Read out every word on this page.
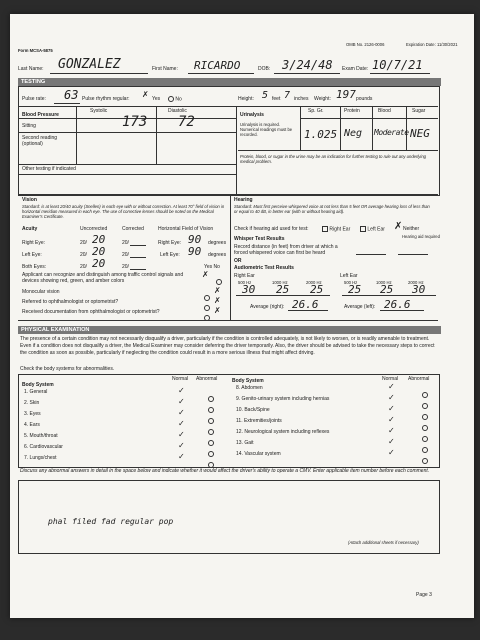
Form MCSA-5875
OMB No. 2126-0006	Expiration Date: 11/30/2021
Last Name: GONZALEZ	First Name: RICARDO	DOB: 3/24/48 Exam Date: 10/7/21
TESTING
Pulse rate: 63 Pulse rhythm regular: ✗ Yes	No	Height: 5 feet 7 inches Weight: 197 pounds
Blood Pressure
Systolic	Diastolic
Sitting	173 72
Second reading (optional)
Other testing if indicated
Urinalysis
Sp. Gr.	Protein	Blood	Sugar
Urinalysis is required. Numerical readings must be recorded.	1.025 Neg Moderate NEG
Protein, blood, or sugar in the urine may be an indication for further testing to rule out any underlying medical problem.
Vision
Standard: is at least 20/40 acuity (Snellen) in each eye with or without correction. At least 70° field of vision in horizontal meridian measured in each eye. The use of corrective lenses should be noted on the Medical Examiner's Certificate.
Acuity	Uncorrected	Corrected	Horizontal Field of Vision
Right Eye:	20/ 20	20/	Right Eye: 90 degrees
Left Eye:	20/ 20	20/	Left Eye: 90 degrees
Both Eyes:	20/ 20	20/	Yes No
Applicant can recognize and distinguish among traffic control signals and devices showing red, green, and amber colors
✗
Monocular vision	✗
Referred to ophthalmologist or optometrist?	✗
Received documentation from ophthalmologist or optometrist?	✗
Hearing
Standard: Must first perceive whispered voice at not less than 5 feet OR average hearing loss of less than or equal to 40 dB, in better ear (with or without hearing aid).
Check if hearing aid used for test:	Right Ear	Left Ear ✗ Neither
Hearing aid required
Whisper Test Results
Record distance (in feet) from driver at which a forced whispered voice can first be heard
OR
Audiometric Test Results
Right Ear	Left Ear
500 Hz	1000 Hz	2000 Hz	500 Hz	1000 Hz	2000 Hz
30 25 25 25 25 30
Average (right): 26.6	Average (left): 26.6
PHYSICAL EXAMINATION
The presence of a certain condition may not necessarily disqualify a driver, particularly if the condition is controlled adequately, is not likely to worsen, or is readily amenable to treatment. Even if a condition does not disqualify a driver, the Medical Examiner may consider deferring the driver temporarily. Also, the driver should be advised to take the necessary steps to correct the condition as soon as possible, particularly if neglecting the condition could result in a more serious illness that might affect driving.
Check the body systems for abnormalities.
Normal Abnormal
Body System
Normal Abnormal
Body System
1. General	✓
2. Skin	✓
3. Eyes	✓
4. Ears	✓
5. Mouth/throat	✓
6. Cardiovascular	✓
7. Lungs/chest	✓
8. Abdomen	✓
9. Genito-urinary system including hernias	✓
10. Back/Spine	✓
11. Extremities/joints	✓
12. Neurological system including reflexes	✓
13. Gait	✓
14. Vascular system	✓
Discuss any abnormal answers in detail in the space below and indicate whether it would affect the driver's ability to operate a CMV. Enter applicable item number before each comment.
phal filed fad regular pop
(Attach additional sheets if necessary)
Page 3
